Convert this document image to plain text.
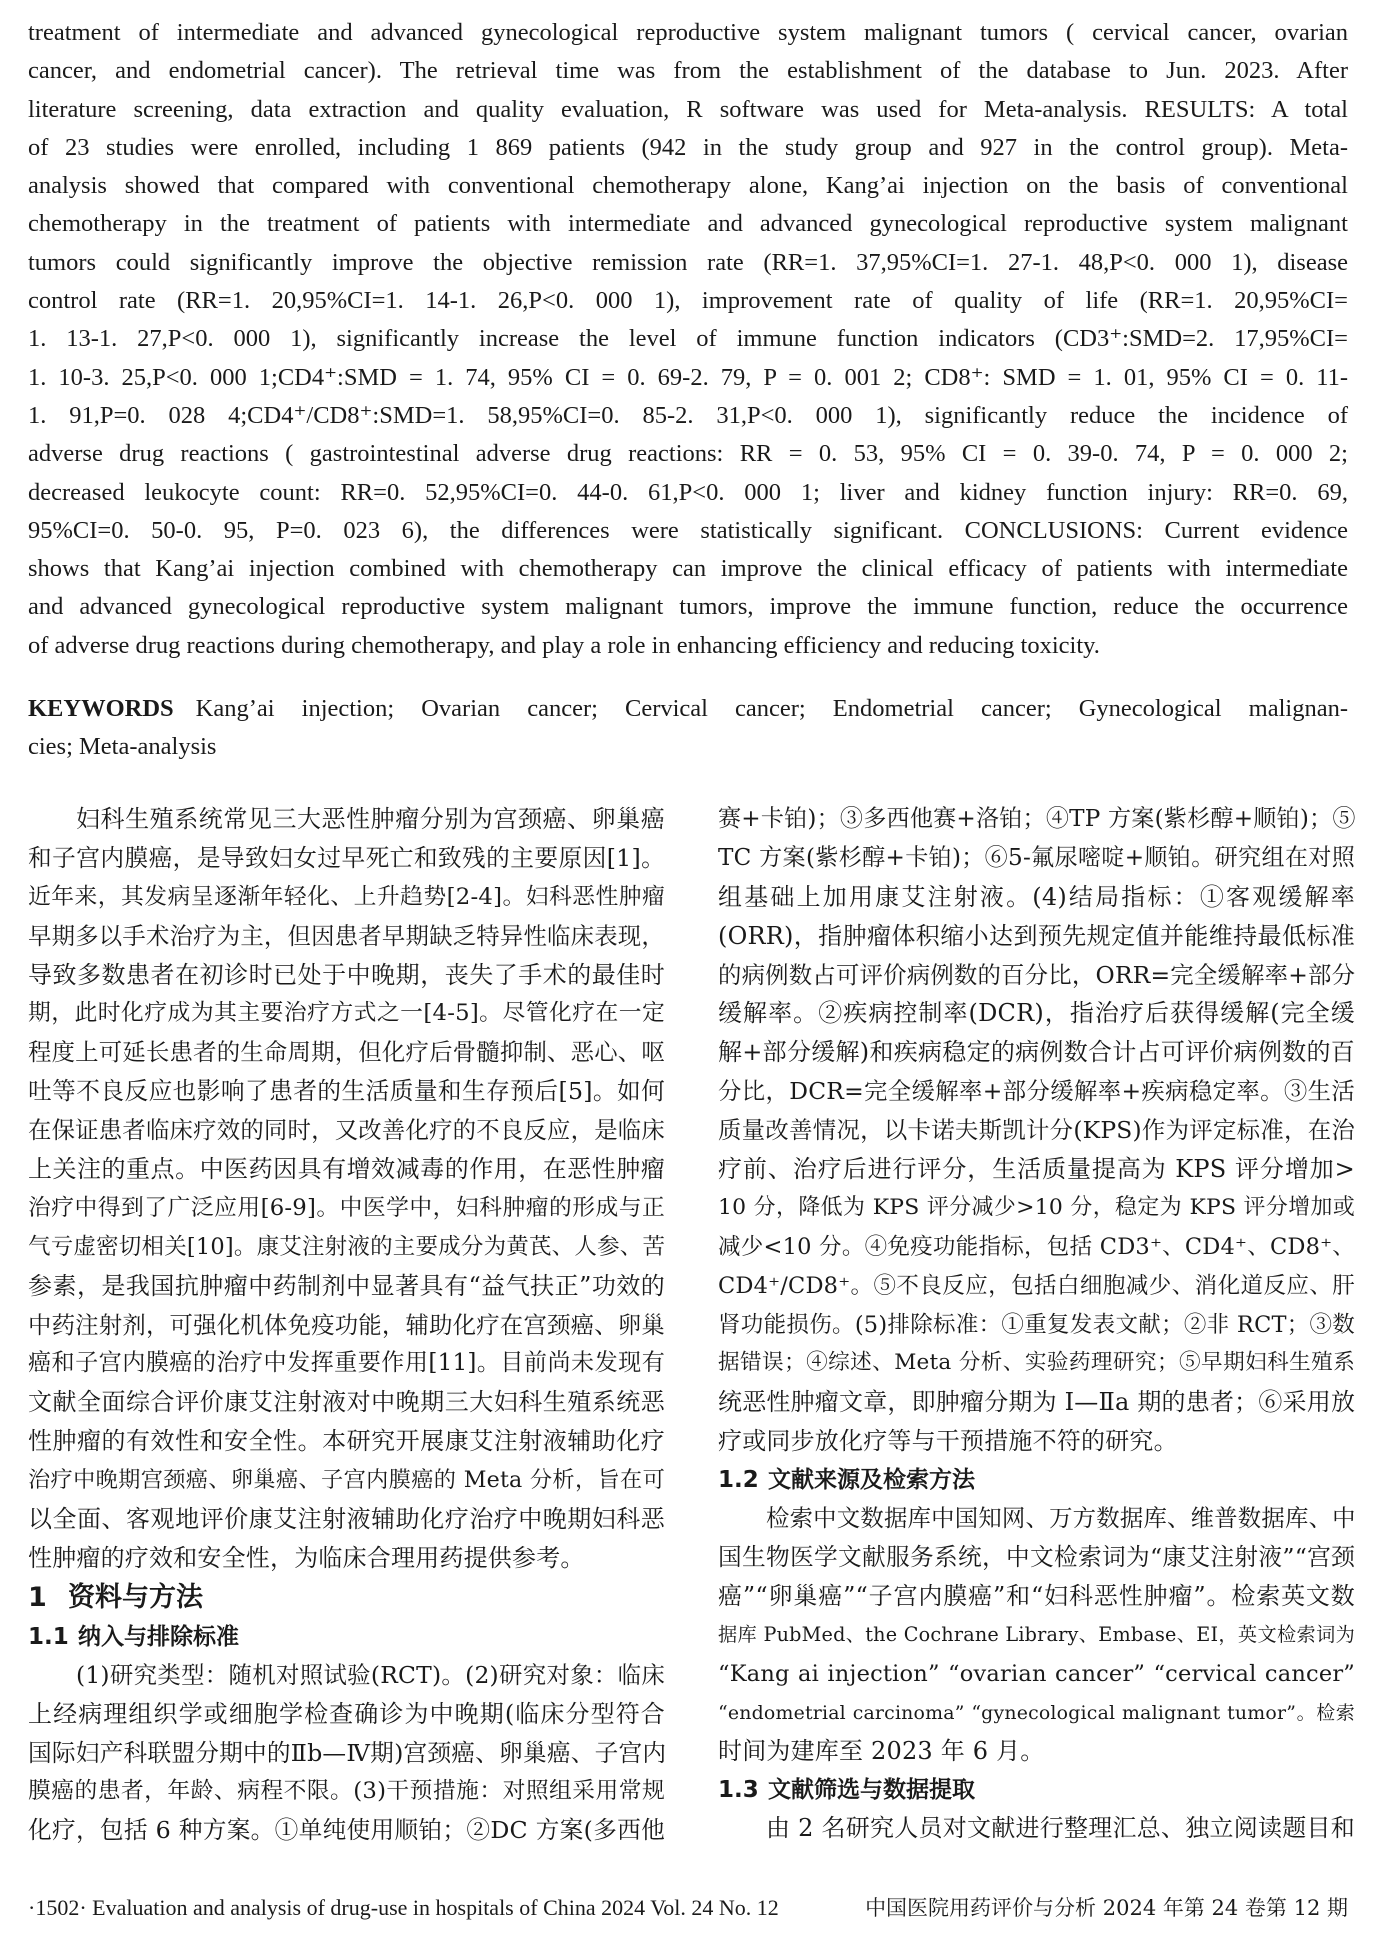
treatment of intermediate and advanced gynecological reproductive system malignant tumors ( cervical cancer, ovarian
cancer, and endometrial cancer). The retrieval time was from the establishment of the database to Jun. 2023. After
literature screening, data extraction and quality evaluation, R software was used for Meta-analysis. RESULTS: A total
of 23 studies were enrolled, including 1 869 patients (942 in the study group and 927 in the control group). Meta-
analysis showed that compared with conventional chemotherapy alone, Kang’ai injection on the basis of conventional
chemotherapy in the treatment of patients with intermediate and advanced gynecological reproductive system malignant
tumors could significantly improve the objective remission rate (RR=1. 37,95%CI=1. 27-1. 48,P<0. 000 1), disease
control rate (RR=1. 20,95%CI=1. 14-1. 26,P<0. 000 1), improvement rate of quality of life (RR=1. 20,95%CI=
1. 13-1. 27,P<0. 000 1), significantly increase the level of immune function indicators (CD3⁺:SMD=2. 17,95%CI=
1. 10-3. 25,P<0. 000 1;CD4⁺:SMD = 1. 74, 95% CI = 0. 69-2. 79, P = 0. 001 2; CD8⁺: SMD = 1. 01, 95% CI = 0. 11-
1. 91,P=0. 028 4;CD4⁺/CD8⁺:SMD=1. 58,95%CI=0. 85-2. 31,P<0. 000 1), significantly reduce the incidence of
adverse drug reactions ( gastrointestinal adverse drug reactions: RR = 0. 53, 95% CI = 0. 39-0. 74, P = 0. 000 2;
decreased leukocyte count: RR=0. 52,95%CI=0. 44-0. 61,P<0. 000 1; liver and kidney function injury: RR=0. 69,
95%CI=0. 50-0. 95, P=0. 023 6), the differences were statistically significant. CONCLUSIONS: Current evidence
shows that Kang’ai injection combined with chemotherapy can improve the clinical efficacy of patients with intermediate
and advanced gynecological reproductive system malignant tumors, improve the immune function, reduce the occurrence
of adverse drug reactions during chemotherapy, and play a role in enhancing efficiency and reducing toxicity.
KEYWORDS Kang’ai injection; Ovarian cancer; Cervical cancer; Endometrial cancer; Gynecological malignan-
cies; Meta-analysis
妇科生殖系统常见三大恶性肿瘤分别为宫颈癌、卵巢癌
和子宫内膜癌，是导致妇女过早死亡和致残的主要原因[1]。
近年来，其发病呈逐渐年轻化、上升趋势[2-4]。妇科恶性肿瘤
早期多以手术治疗为主，但因患者早期缺乏特异性临床表现，
导致多数患者在初诊时已处于中晚期，丧失了手术的最佳时
期，此时化疗成为其主要治疗方式之一[4-5]。尽管化疗在一定
程度上可延长患者的生命周期，但化疗后骨髓抑制、恶心、呕
吐等不良反应也影响了患者的生活质量和生存预后[5]。如何
在保证患者临床疗效的同时，又改善化疗的不良反应，是临床
上关注的重点。中医药因具有增效减毒的作用，在恶性肿瘤
治疗中得到了广泛应用[6-9]。中医学中，妇科肿瘤的形成与正
气亏虚密切相关[10]。康艾注射液的主要成分为黄芪、人参、苦
参素，是我国抗肿瘤中药制剂中显著具有“益气扶正”功效的
中药注射剂，可强化机体免疫功能，辅助化疗在宫颈癌、卵巢
癌和子宫内膜癌的治疗中发挥重要作用[11]。目前尚未发现有
文献全面综合评价康艾注射液对中晚期三大妇科生殖系统恶
性肿瘤的有效性和安全性。本研究开展康艾注射液辅助化疗
治疗中晚期宫颈癌、卵巢癌、子宫内膜癌的 Meta 分析，旨在可
以全面、客观地评价康艾注射液辅助化疗治疗中晚期妇科恶
性肿瘤的疗效和安全性，为临床合理用药提供参考。
1 资料与方法
1.1 纳入与排除标准
(1)研究类型：随机对照试验(RCT)。(2)研究对象：临床
上经病理组织学或细胞学检查确诊为中晚期(临床分型符合
国际妇产科联盟分期中的Ⅱb—Ⅳ期)宫颈癌、卵巢癌、子宫内
膜癌的患者，年龄、病程不限。(3)干预措施：对照组采用常规
化疗，包括 6 种方案。①单纯使用顺铂；②DC 方案(多西他
赛+卡铂)；③多西他赛+洛铂；④TP 方案(紫杉醇+顺铂)；⑤
TC 方案(紫杉醇+卡铂)；⑥5-氟尿嘧啶+顺铂。研究组在对照
组基础上加用康艾注射液。(4)结局指标：①客观缓解率
(ORR)，指肿瘤体积缩小达到预先规定值并能维持最低标准
的病例数占可评价病例数的百分比，ORR=完全缓解率+部分
缓解率。②疾病控制率(DCR)，指治疗后获得缓解(完全缓
解+部分缓解)和疾病稳定的病例数合计占可评价病例数的百
分比，DCR=完全缓解率+部分缓解率+疾病稳定率。③生活
质量改善情况，以卡诺夫斯凯计分(KPS)作为评定标准，在治
疗前、治疗后进行评分，生活质量提高为 KPS 评分增加>
10 分，降低为 KPS 评分减少>10 分，稳定为 KPS 评分增加或
减少<10 分。④免疫功能指标，包括 CD3⁺、CD4⁺、CD8⁺、
CD4⁺/CD8⁺。⑤不良反应，包括白细胞减少、消化道反应、肝
肾功能损伤。(5)排除标准：①重复发表文献；②非 RCT；③数
据错误；④综述、Meta 分析、实验药理研究；⑤早期妇科生殖系
统恶性肿瘤文章，即肿瘤分期为 Ⅰ—Ⅱa 期的患者；⑥采用放
疗或同步放化疗等与干预措施不符的研究。
1.2 文献来源及检索方法
检索中文数据库中国知网、万方数据库、维普数据库、中
国生物医学文献服务系统，中文检索词为“康艾注射液”“宫颈
癌”“卵巢癌”“子宫内膜癌”和“妇科恶性肿瘤”。检索英文数
据库 PubMed、the Cochrane Library、Embase、EI，英文检索词为
“Kang ai injection” “ovarian cancer” “cervical cancer”
“endometrial carcinoma” “gynecological malignant tumor”。检索
时间为建库至 2023 年 6 月。
1.3 文献筛选与数据提取
由 2 名研究人员对文献进行整理汇总、独立阅读题目和
·1502· Evaluation and analysis of drug-use in hospitals of China 2024 Vol. 24 No. 12	中国医院用药评价与分析 2024 年第 24 卷第 12 期
